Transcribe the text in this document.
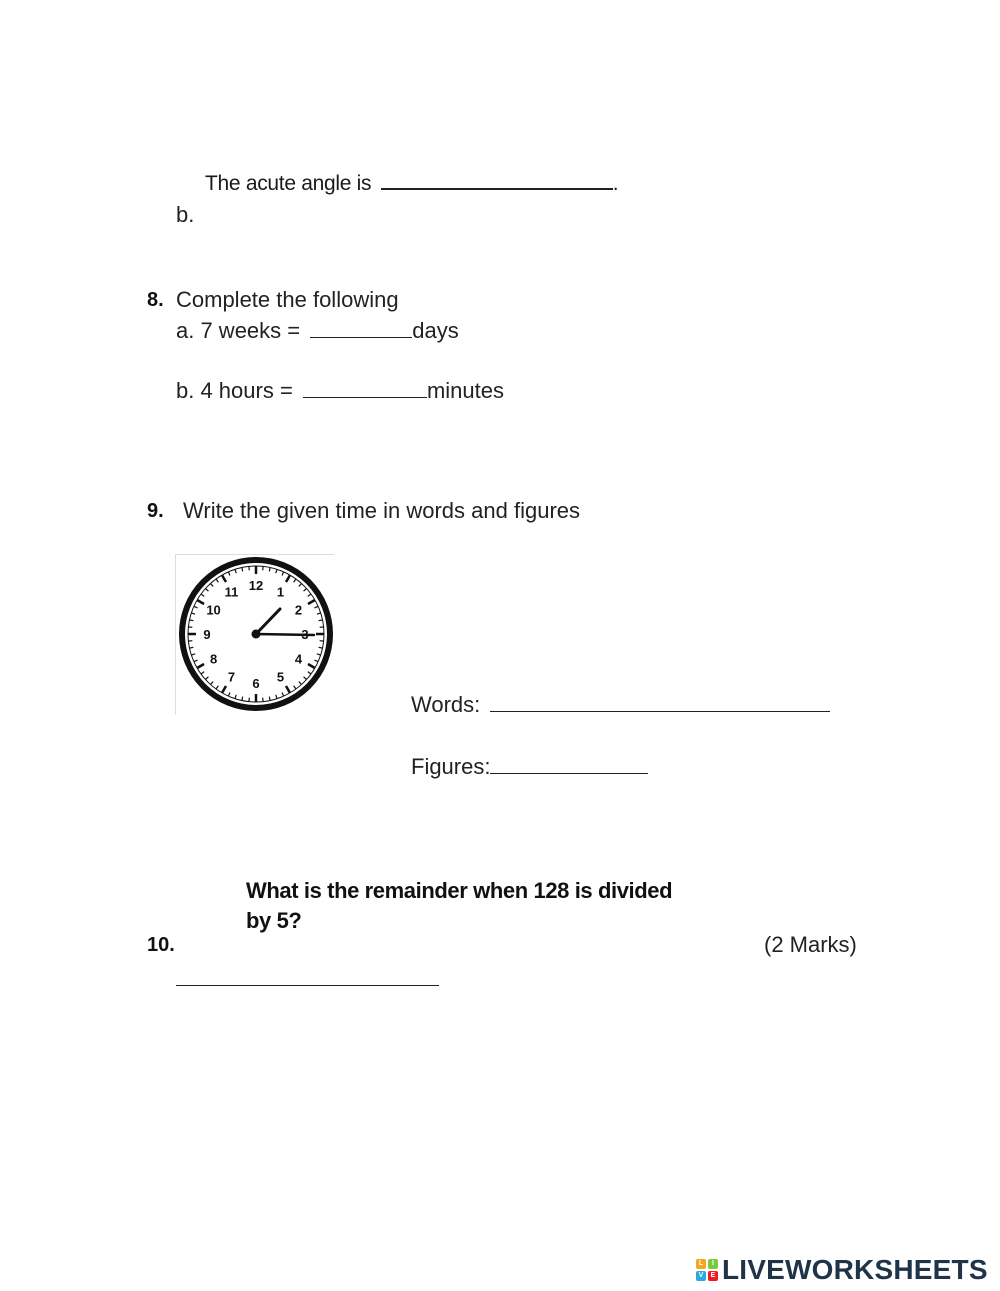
The acute angle is	.
b.
8. Complete the following
a. 7 weeks =	days
b. 4 hours =	minutes
9. Write the given time in words and figures
12 1
2
4
5
6
7
8
9
10
11
Words:
Figures:
What is the remainder when 128 is divided
by 5?
10.	(2 Marks)
L	I
V	E LIVEWORKSHEETS
